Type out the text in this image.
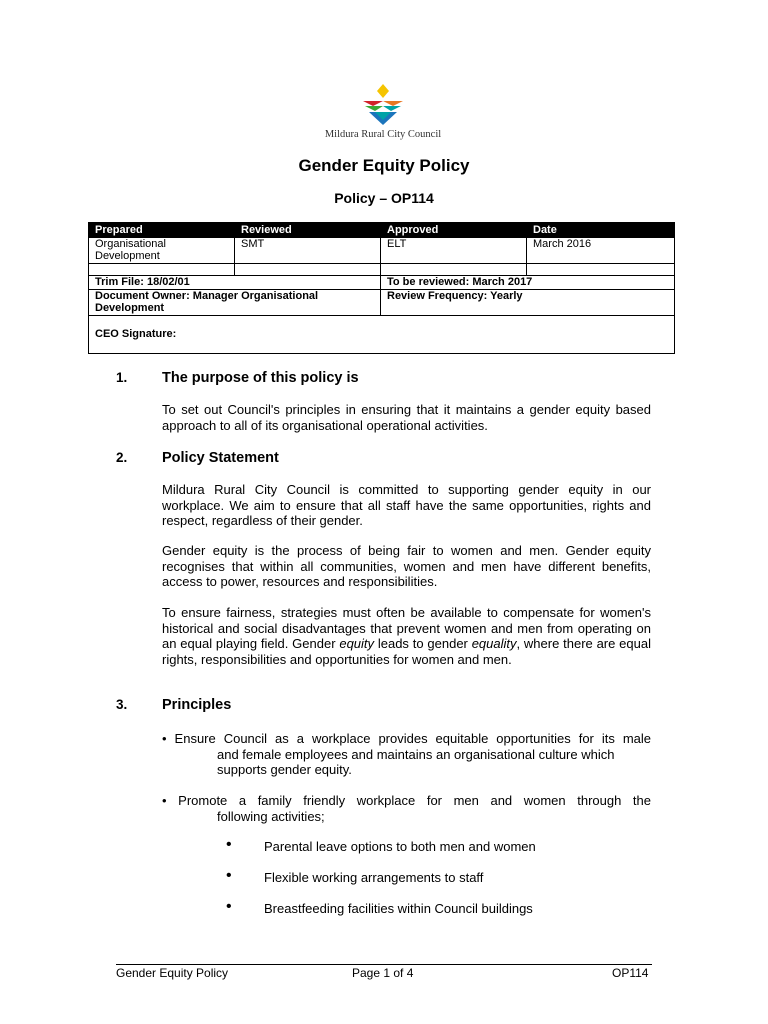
Mildura Rural City Council
Gender Equity Policy
Policy – OP114
Prepared	Reviewed	Approved	Date
Organisational Development	SMT	ELT	March 2016

Trim File: 18/02/01		To be reviewed: March 2017	
Document Owner: Manager Organisational Development		Review Frequency: Yearly	
CEO Signature:			
1. The purpose of this policy is
To set out Council's principles in ensuring that it maintains a gender equity based approach to all of its organisational operational activities.
2. Policy Statement
Mildura Rural City Council is committed to supporting gender equity in our workplace. We aim to ensure that all staff have the same opportunities, rights and respect, regardless of their gender.
Gender equity is the process of being fair to women and men. Gender equity recognises that within all communities, women and men have different benefits, access to power, resources and responsibilities.
To ensure fairness, strategies must often be available to compensate for women's historical and social disadvantages that prevent women and men from operating on an equal playing field. Gender equity leads to gender equality, where there are equal rights, responsibilities and opportunities for women and men.
3. Principles
• Ensure Council as a workplace provides equitable opportunities for its male
and female employees and maintains an organisational culture which supports gender equity.
• Promote a family friendly workplace for men and women through the
following activities;
• Parental leave options to both men and women
• Flexible working arrangements to staff
• Breastfeeding facilities within Council buildings
Gender Equity Policy	Page 1 of 4	OP114
